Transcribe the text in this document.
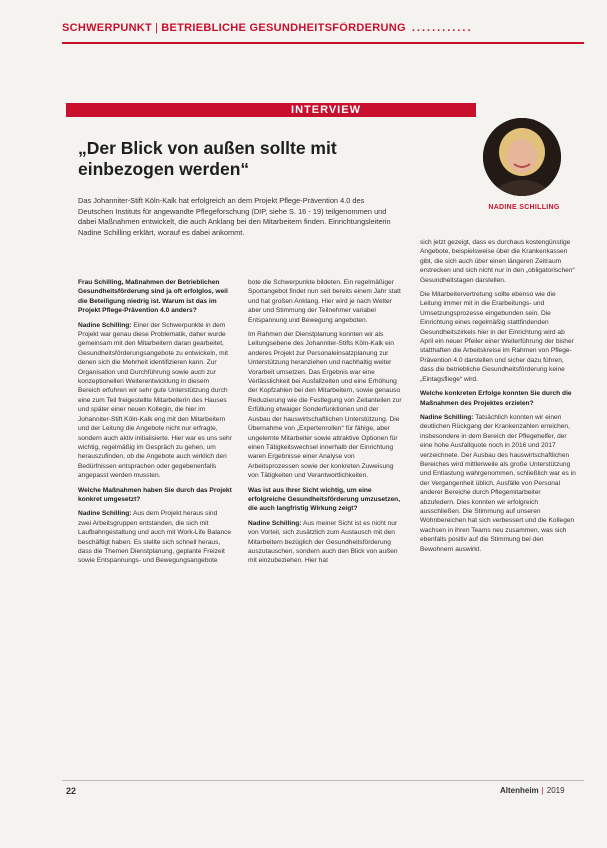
SCHWERPUNKT | BETRIEBLICHE GESUNDHEITSFÖRDERUNG ............
INTERVIEW
„Der Blick von außen sollte mit
einbezogen werden“
Das Johanniter-Stift Köln-Kalk hat erfolgreich an dem Projekt Pflege-Prävention 4.0 des Deutschen Instituts für angewandte Pflegeforschung (DIP, siehe S. 16 - 19) teilgenommen und dabei Maßnahmen entwickelt, die auch Anklang bei den Mitarbeitern finden. Einrichtungsleiterin Nadine Schilling erklärt, worauf es dabei ankommt.
NADINE SCHILLING

Frau Schilling, Maßnahmen der Betrieblichen Gesundheitsförderung sind ja oft erfolglos, weil die Beteiligung niedrig ist. Warum ist das im Projekt Pflege-Prävention 4.0 anders?

Nadine Schilling: Einer der Schwerpunkte in dem Projekt war genau diese Problematik, daher wurde gemeinsam mit den Mitarbeitern daran gearbeitet, Gesundheitsförderungsangebote zu entwickeln, mit denen sich die Mehrheit identifizieren kann. Zur Organisation und Durchführung sowie auch zur konzeptionellen Weiterentwicklung in diesem Bereich erfuhren wir sehr gute Unterstützung durch eine zum Teil freigestellte Mitarbeiterin des Hauses und später einer neuen Kollegin, die hier im Johanniter-Stift Köln-Kalk eng mit den Mitarbeitern und der Leitung die Angebote nicht nur erfragte, sondern auch aktiv initialisierte. Hier war es uns sehr wichtig, regelmäßig im Gespräch zu gehen, um herauszufinden, ob die Angebote auch wirklich den Bedürfnissen entsprachen oder gegebenenfalls angepasst werden mussten.

Welche Maßnahmen haben Sie durch das Projekt konkret umgesetzt?

Nadine Schilling: Aus dem Projekt heraus sind zwei Arbeitsgruppen entstanden, die sich mit Laufbahngestaltung und auch mit Work-Life Balance beschäftigt haben. Es stellte sich schnell heraus, dass die Themen Dienstplanung, geplante Freizeit sowie Entspannungs- und Bewegungsangebote

bote die Schwerpunkte bildeten. Ein regelmäßiger Sportangebot findet nun seit bereits einem Jahr statt und hat großen Anklang. Hier wird je nach Wetter aber und Stimmung der Teilnehmer variabel Entspannung und Bewegung angeboten.

Im Rahmen der Dienstplanung konnten wir als Leitungsebene des Johanniter-Stifts Köln-Kalk ein anderes Projekt zur Personaleinsatzplanung zur Unterstützung heranziehen und nachhaltig weiter Vorarbeit umsetzen. Das Ergebnis war eine Verlässlichkeit bei Ausfallzeiten und eine Erhöhung der Kopfzahlen bei den Mitarbeitern, sowie genauso Reduzierung wie die Festlegung von Zeitanteilen zur Erfüllung etwaiger Sonderfunktionen und der Ausbau der hauswirtschaftlichen Unterstützung. Die Übernahme von „Expertenrollen“ für fähige, aber ungelernte Mitarbeiter sowie attraktive Optionen für einen Tätigkeitswechsel innerhalb der Einrichtung waren Ergebnisse einer Analyse von Arbeitsprozessen sowie der konkreten Zuweisung von Tätigkeiten und Verantwortlichkeiten.

Was ist aus Ihrer Sicht wichtig, um eine erfolgreiche Gesundheitsförderung umzusetzen, die auch langfristig Wirkung zeigt?

Nadine Schilling: Aus meiner Sicht ist es nicht nur von Vorteil, sich zusätzlich zum Austausch mit den Mitarbeitern bezüglich der Gesundheitsförderung auszutauschen, sondern auch den Blick von außen mit einzubeziehen. Hier hat

sich jetzt gezeigt, dass es durchaus kostengünstige Angebote, beispielsweise über die Krankenkassen gibt, die sich auch über einen längeren Zeitraum erstrecken und sich nicht nur in den „obligatorischen“ Gesundheitstagen darstellen.

Die Mitarbeitervertretung sollte ebenso wie die Leitung immer mit in die Erarbeitungs- und Umsetzungsprozesse eingebunden sein. Die Einrichtung eines regelmäßig stattfindenden Gesundheitszirkels hier in der Einrichtung wird ab April ein neuer Pfeiler einer Weiterführung der bisher statthaften die Arbeitskreise im Rahmen von Pflege-Prävention 4.0 darstellen und sicher dazu führen, dass die betriebliche Gesundheitsförderung keine „Eintagsfliege“ wird.

Welche konkreten Erfolge konnten Sie durch die Maßnahmen des Projektes erzielen?

Nadine Schilling: Tatsächlich konnten wir einen deutlichen Rückgang der Krankenzahlen erreichen, insbesondere in dem Bereich der Pflegehelfer, der eine hohe Ausfallquote noch in 2016 und 2017 verzeichnete. Der Ausbau des hauswirtschaftlichen Bereiches wird mittlerweile als große Unterstützung und Entlastung wahrgenommen, schließlich war es in der Vergangenheit üblich, Ausfälle von Personal anderer Bereiche durch Pflegemitarbeiter abzufedern. Dies konnten wir erfolgreich ausschließen. Die Stimmung auf unseren Wohnbereichen hat sich verbessert und die Kollegen wachsen in ihren Teams neu zusammen, was sich ebenfalls positiv auf die Stimmung bei den Bewohnern auswirkt.

22	Altenheim | 2019
